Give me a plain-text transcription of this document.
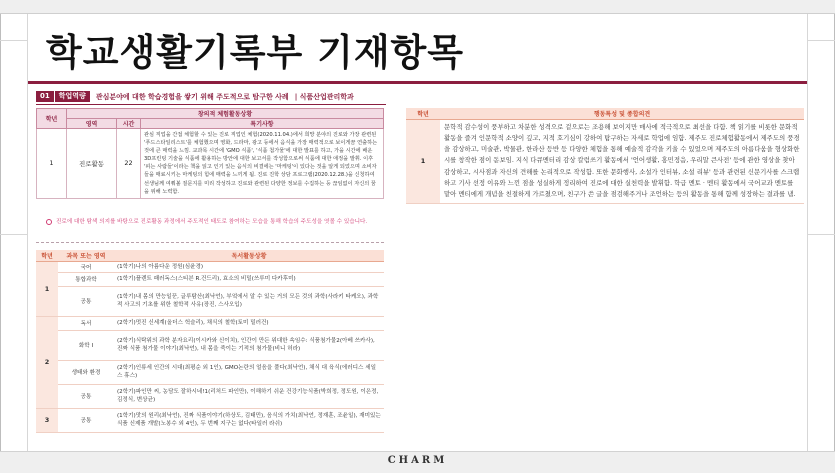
학교생활기록부 기재항목
01	학업역량	관심분야에 대한 학습경험을 쌓기 위해 주도적으로 탐구한 사례 | 식품산업관리학과
학년	창의적 체험활동상황		
	영역	시간	특기사항
1	진로활동	22	관심 직업을 간접 체험할 수 있는 진로 직업인 체험(2020.11.04.)에서 희망 분야의 진로와 가장 관련된 '푸드스타일리스트'를 체험했으며 영화, 드라마, 광고 등에서 음식을 가장 매력적으로 보이게끔 연출하는 것에 큰 매력을 느낌. 교과목 시간에 'GMO 식품', '식품 첨가물'에 대한 발표를 하고, 가을 시간에 배운 3D프린팅 기술을 식품에 활용하는 방안에 대한 보고서를 작성함으로써 식품에 대한 애정을 발휘. 이후 '피는 사람들'이라는 책을 읽고 인기 있는 음식의 비결에는 '마케팅'이 있다는 것을 알게 되었으며 소비자들을 매료시키는 마케팅의 힘에 매력을 느끼게 됨. 진로 진학 상담 프로그램(2020.12.28.)을 신청하여 선생님께 여쭤볼 질문지를 미리 작성하고 진로와 관련된 다양한 정보를 수집하는 등 끊임없이 자신의 꿈을 위해 노력함.
진로에 대한 탐색 의지를 바탕으로 진로활동 과정에서 주도적인 태도로 참여하는 모습을 통해 학습의 주도성을 엿볼 수 있습니다.
학년	과목 또는 영역	독서활동상황
1	국어	(1학기)나의 아름다운 정원(심윤경)
	통합과학	(1학기)플렌트 패러독스(스티븐 R.건드리), 효소의 비밀(쓰루미 다카후미)
	공통	(1학기)내 몸의 만능일꾼, 글루탐산(최낙언), 부엌에서 알 수 있는 거의 모든 것의 과학(사라키 타케오), 과학적 사고의 기초를 위한 철학적 사유(장진, 스사오입)
2	독서	(2학기)멋진 신세계(올더스 헉슬리), 채식의 철학(토미 밀러건)
	화학 I	(2학기)식탁위의 과학 분자요리(이시카와 신이치), 인간이 만든 위대한 속임수: 식품첨가물2(아베 쓰카사), 진짜 식품 첨가물 이야기(최낙언), 내 몸을 죽이는 기적의 첨가물(비니 허라)
	생태와 환경	(2학기)인류세 인간의 시대(최평순 외 1인), GMO논란의 얼음을 풀다(최낙언), 채식 대 육식(에러디스 세일스 휴스)
	공통	(2학기)파인만 씨, 농담도 잘하시네!1(리처드 파인만), 이해하기 쉬운 건강기능식품(박희정, 정도원, 이은정, 김정식, 변상균)
3	공통	(1학기)맛의 원리(최낙언), 진짜 식품이야기(하상도, 김태민), 음식의 가치(최낙언, 정재훈, 조윤일), 재미있는 식품 신제품 개발(노봉수 외 4인), 두 번째 지구는 없다(타일러 라쉬)
학년	행동특성 및 종합의견
1	문학적 감수성이 풍부하고 차분한 성격으로 겉으로는 조용해 보이지만 매사에 적극적으로 최선을 다함. 책 읽기를 비롯한 문화적 활동을 즐겨 인문학적 소양이 깊고, 지적 호기심이 강하여 탐구하는 자세로 학업에 임함. 제주도 진로체험활동에서 제주도의 풍경을 감상하고, 미술관, 박물관, 한라산 등반 등 다양한 체험을 통해 예술적 감각을 키울 수 있었으며 제주도의 아름다움을 형상화한 시를 창작한 점이 돋보임. 지식 다큐멘터리 감상 칼럼쓰기 활동에서 '언어생활, 홍민정음, 우리말 큰사전' 등에 관한 영상을 찾아 감상하고, 시사점과 자신의 견해를 논리적으로 작성함. 또한 문화행사, 소설가 인터뷰, 소설 리뷰' 등과 관련된 신문기사를 스크랩하고 기사 선정 이유와 느낀 점을 성실하게 정리하여 진로에 대한 실천력을 발휘함. 학급 멘토 · 멘티 활동에서 국어교과 멘토를 맡아 멘티에게 개념을 친절하게 가르쳤으며, 친구가 쓴 글을 점검해주거나 조언하는 등의 활동을 통해 함께 성장하는 결과를 냄.
CHARM
